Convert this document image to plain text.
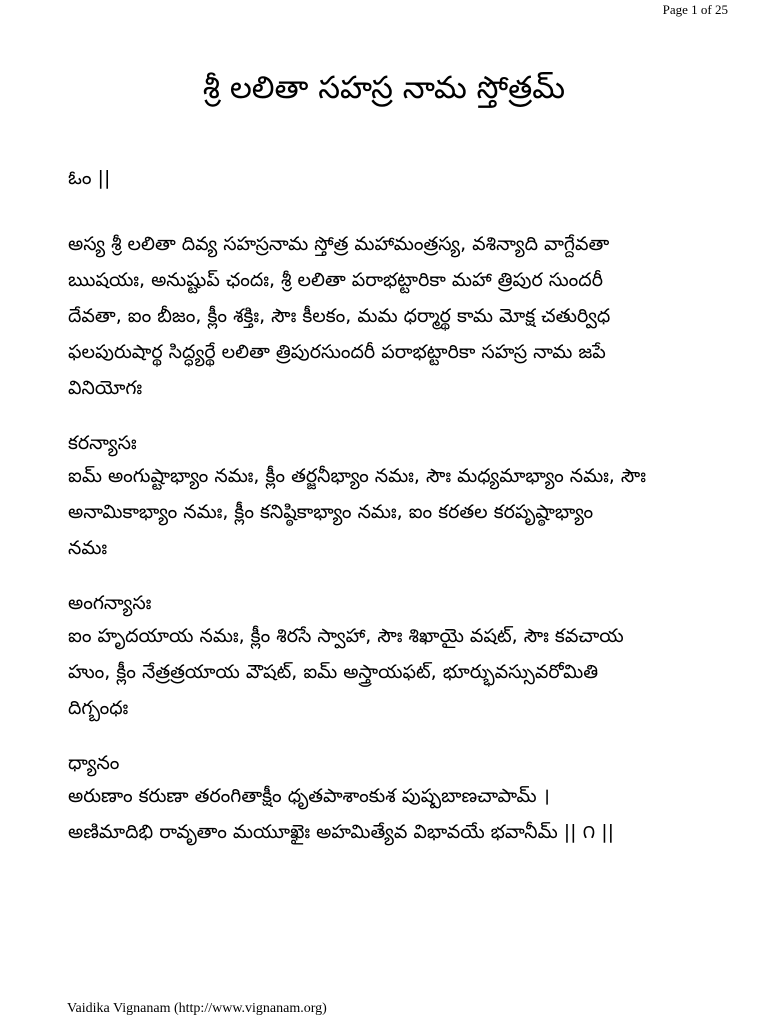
Page 1 of 25
శ్రీ లలితా సహస్ర నామ స్తోత్రమ్
ఓం ||
అస్య శ్రీ లలితా దివ్య సహస్రనామ స్తోత్ర మహామంత్రస్య, వశిన్యాది వాగ్దేవతా
ఋషయః, అనుష్టుప్ ఛందః, శ్రీ లలితా పరాభట్టారికా మహా త్రిపుర సుందరీ
దేవతా, ఐం బీజం, క్లీం శక్తిః, సౌః కీలకం, మమ ధర్మార్థ కామ మోక్ష చతుర్విధ
ఫలపురుషార్థ సిద్ధ్యర్థే లలితా త్రిపురసుందరీ పరాభట్టారికా సహస్ర నామ జపే
వినియోగః
కరన్యాసః
ఐమ్ అంగుష్టాభ్యాం నమః, క్లీం తర్జనీభ్యాం నమః, సౌః మధ్యమాభ్యాం నమః, సౌః
అనామికాభ్యాం నమః, క్లీం కనిష్ఠికాభ్యాం నమః, ఐం కరతల కరపృష్ఠాభ్యాం
నమః
అంగన్యాసః
ఐం హృదయాయ నమః, క్లీం శిరసే స్వాహా, సౌః శిఖాయై వషట్, సౌః కవచాయ
హుం, క్లీం నేత్రత్రయాయ వౌషట్, ఐమ్ అస్త్రాయఫట్, భూర్భువస్సువరోమితి
దిగ్బంధః
ధ్యానం
అరుణాం కరుణా తరంగితాక్షీం ధృతపాశాంకుశ పుష్పబాణచాపామ్ ।
అణిమాదిభి రావృతాం మయూఖైః అహమిత్యేవ విభావయే భవానీమ్ || ౧ ||
Vaidika Vignanam (http://www.vignanam.org)
